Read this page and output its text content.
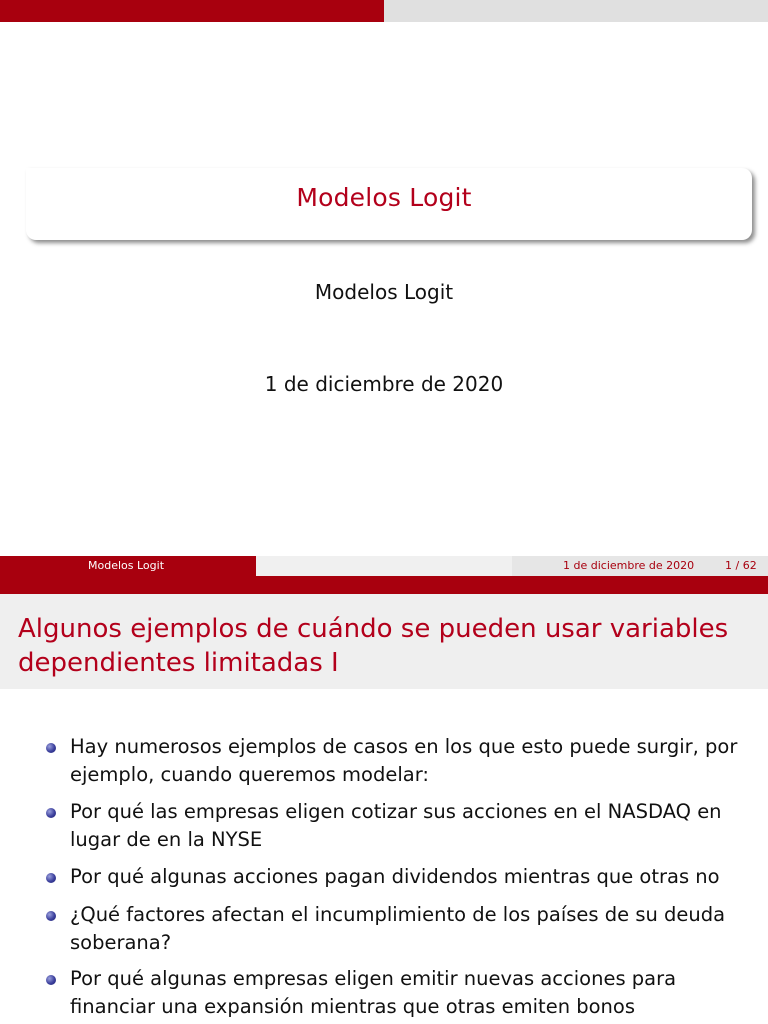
Modelos Logit
Modelos Logit
1 de diciembre de 2020
Modelos Logit	1 de diciembre de 2020	1 / 62
Algunos ejemplos de cuándo se pueden usar variables dependientes limitadas I
Hay numerosos ejemplos de casos en los que esto puede surgir, por ejemplo, cuando queremos modelar:
Por qué las empresas eligen cotizar sus acciones en el NASDAQ en lugar de en la NYSE
Por qué algunas acciones pagan dividendos mientras que otras no
¿Qué factores afectan el incumplimiento de los países de su deuda soberana?
Por qué algunas empresas eligen emitir nuevas acciones para financiar una expansión mientras que otras emiten bonos
